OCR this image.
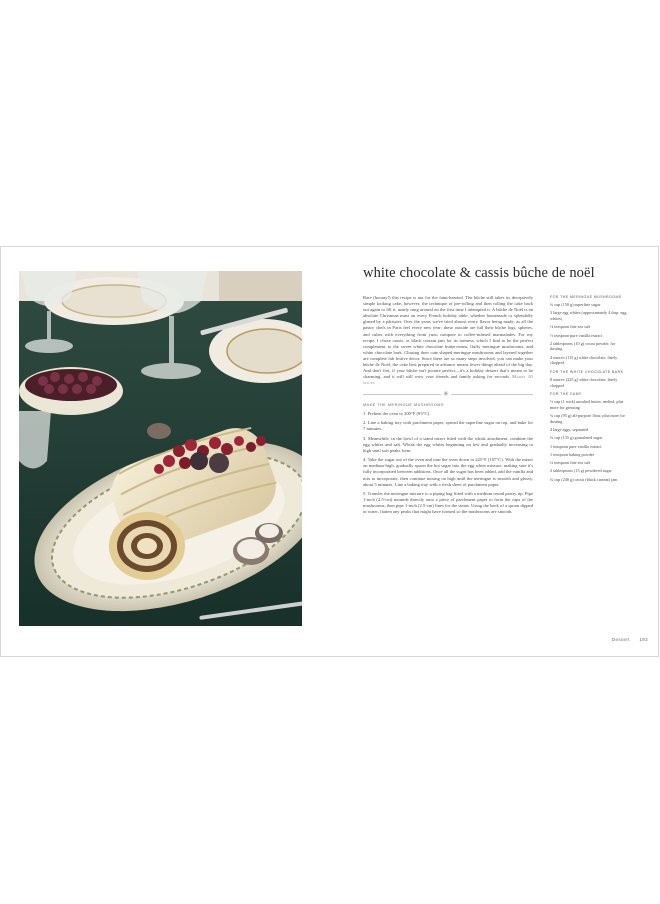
white chocolate & cassis bûche de noël

Rare (hooray!) this recipe is not for the faint-hearted. The bûche still takes its deceptively simple looking cake, however, the technique of pre-rolling and then rolling the cake back out again to fill it, neatly rung around on the first time I attempted it. A bûche de Noël is an absolute Christmas must on every French holiday table, whether homemade or splendidly glazed by a pâtissier. Over the years we've tried almost every flavor being made, as all the pastry chefs in Paris feel every new year; these outside are full their bûche logs, spheres, and cubes with everything from yuzu compote to coffee-infused marmalades. For my recipe, I chose cassis, or black currant jam for its tartness, which I find to be the perfect complement to the sweet white chocolate buttercream, fluffy meringue mushrooms, and white chocolate bark. Chasing their cute shaped meringue mushrooms and layered together are complete fab festive decor. Since there are so many steps involved, you can make your bûche de Noël; the cake best prepared in advance means fewer things ahead of the big day. And don't fret, if your bûche isn't picture perfect—it's a holiday dessert that's meant to be charming, and it will still wow your friends and family asking for seconds. Makes 10 slices

✳
MAKE THE MERINGUE MUSHROOMS

1. Preheat the oven to 200°F (93°C).

2. Line a baking tray with parchment paper, spread the superfine sugar on top, and bake for 7 minutes.

3. Meanwhile, in the bowl of a stand mixer fitted with the whisk attachment, combine the egg whites and salt. Whisk the egg whites beginning on low and gradually increasing to high until soft peaks form.

4. Take the sugar out of the oven and turn the oven down to 225°F (107°C). With the mixer on medium-high, gradually spoon the hot sugar into the egg white mixture, making sure it's fully incorporated between additions. Once all the sugar has been added, add the vanilla and mix to incorporate, then continue mixing on high until the meringue is smooth and glossy, about 5 minutes. Line a baking tray with a fresh sheet of parchment paper.

5. Transfer the meringue mixture to a piping bag fitted with a medium round pastry tip. Pipe 1-inch (2.5-cm) mounds directly onto a piece of parchment paper to form the caps of the mushrooms, then pipe 1-inch (2.5-cm) lines for the stems. Using the back of a spoon dipped in water, flatten any peaks that might have formed so the mushrooms are smooth.

FOR THE MERINGUE MUSHROOMS
¾ cup (150 g) superfine sugar
3 large egg whites (approximately 4 tbsp. egg whites)
⅛ teaspoon fine sea salt
½ teaspoon pure vanilla extract
2 tablespoons (10 g) cocoa powder, for dusting
4 ounces (115 g) white chocolate, finely chopped
FOR THE WHITE CHOCOLATE BARK
8 ounces (225 g) white chocolate, finely chopped
FOR THE CAKE
½ cup (1 stick) unsalted butter, melted, plus more for greasing
¾ cup (95 g) all-purpose flour, plus more for dusting
4 large eggs, separated
¾ cup (135 g) granulated sugar
1 teaspoon pure vanilla extract
1 teaspoon baking powder
¼ teaspoon fine sea salt
2 tablespoons (15 g) powdered sugar
¾ cup (240 g) cassis (black currant) jam
Dessert 193
